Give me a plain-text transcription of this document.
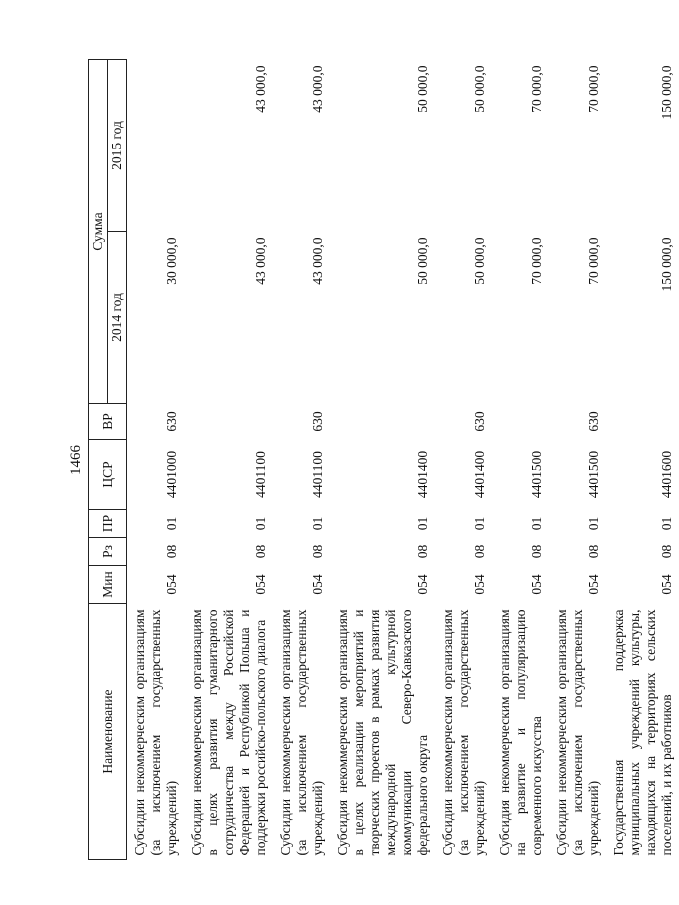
1466
Наименование	Мин	Рз	ПР	ЦСР	ВР	Сумма	
						2014 год	2015 год
Субсидии некоммерческим организациям (за исключением государственных учреждений)	054	08	01	4401000	630	30 000,0	
Субсидии некоммерческим организациям в целях развития гуманитарного сотрудничества между Российской Федерацией и Республикой Польша и поддержки российско-польского диалога	054	08	01	4401100		43 000,0	43 000,0
Субсидии некоммерческим организациям (за исключением государственных учреждений)	054	08	01	4401100	630	43 000,0	43 000,0
Субсидия некоммерческим организациям в целях реализации мероприятий и творческих проектов в рамках развития международной культурной коммуникации Северо-Кавказского федерального округа	054	08	01	4401400		50 000,0	50 000,0
Субсидии некоммерческим организациям (за исключением государственных учреждений)	054	08	01	4401400	630	50 000,0	50 000,0
Субсидия некоммерческим организациям на развитие и популяризацию современного искусства	054	08	01	4401500		70 000,0	70 000,0
Субсидии некоммерческим организациям (за исключением государственных учреждений)	054	08	01	4401500	630	70 000,0	70 000,0
Государственная поддержка муниципальных учреждений культуры, находящихся на территориях сельских поселений, и их работников	054	08	01	4401600		150 000,0	150 000,0
